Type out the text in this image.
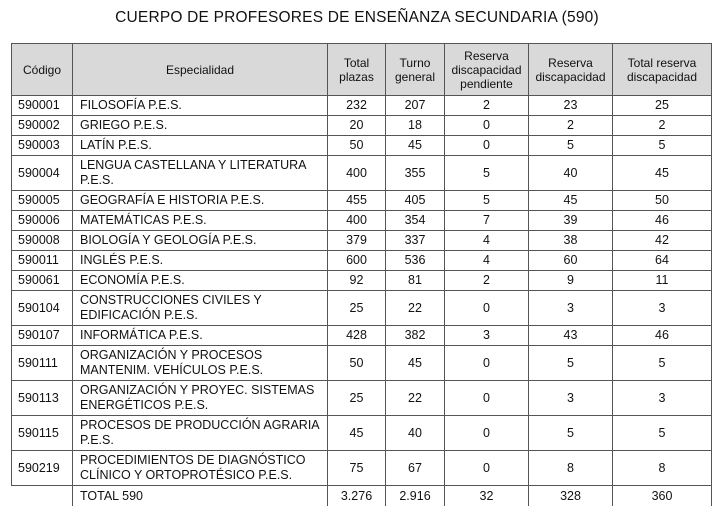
CUERPO DE PROFESORES DE ENSEÑANZA SECUNDARIA (590)
Código	Especialidad	Total plazas	Turno general	Reserva discapacidad pendiente	Reserva discapacidad	Total reserva discapacidad
590001	FILOSOFÍA P.E.S.	232	207	2	23	25
590002	GRIEGO P.E.S.	20	18	0	2	2
590003	LATÍN P.E.S.	50	45	0	5	5
590004	LENGUA CASTELLANA Y LITERATURA P.E.S.	400	355	5	40	45
590005	GEOGRAFÍA E HISTORIA P.E.S.	455	405	5	45	50
590006	MATEMÁTICAS P.E.S.	400	354	7	39	46
590008	BIOLOGÍA Y GEOLOGÍA P.E.S.	379	337	4	38	42
590011	INGLÉS P.E.S.	600	536	4	60	64
590061	ECONOMÍA P.E.S.	92	81	2	9	11
590104	CONSTRUCCIONES CIVILES Y EDIFICACIÓN P.E.S.	25	22	0	3	3
590107	INFORMÁTICA P.E.S.	428	382	3	43	46
590111	ORGANIZACIÓN Y PROCESOS MANTENIM. VEHÍCULOS P.E.S.	50	45	0	5	5
590113	ORGANIZACIÓN Y PROYEC. SISTEMAS ENERGÉTICOS P.E.S.	25	22	0	3	3
590115	PROCESOS DE PRODUCCIÓN AGRARIA P.E.S.	45	40	0	5	5
590219	PROCEDIMIENTOS DE DIAGNÓSTICO CLÍNICO Y ORTOPROTÉSICO P.E.S.	75	67	0	8	8
	TOTAL 590	3.276	2.916	32	328	360
